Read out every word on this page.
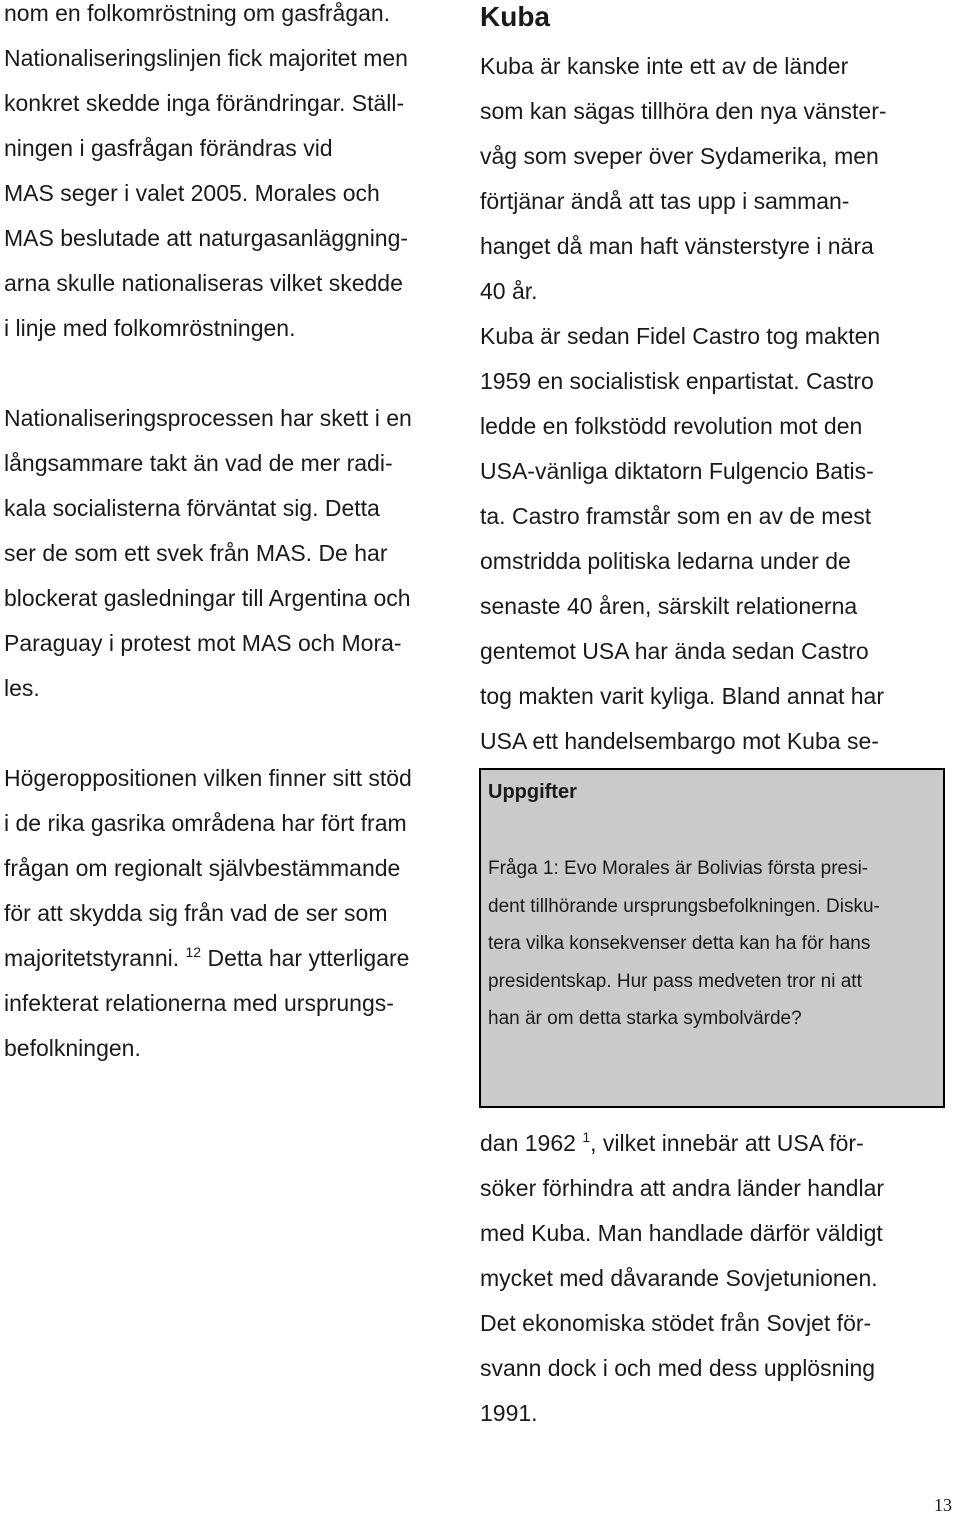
nom en folkomröstning om gasfrågan.
Nationaliseringslinjen fick majoritet men
konkret skedde inga förändringar. Ställ-
ningen i gasfrågan förändras vid
MAS seger i valet 2005. Morales och
MAS beslutade att naturgasanläggning-
arna skulle nationaliseras vilket skedde
i linje med folkomröstningen.
Nationaliseringsprocessen har skett i en
långsammare takt än vad de mer radi-
kala socialisterna förväntat sig. Detta
ser de som ett svek från MAS. De har
blockerat gasledningar till Argentina och
Paraguay i protest mot MAS och Mora-
les.
Högeroppositionen vilken finner sitt stöd
i de rika gasrika områdena har fört fram
frågan om regionalt självbestämmande
för att skydda sig från vad de ser som
majoritetstyranni. $^{12}$ Detta har ytterligare
infekterat relationerna med ursprungs-
befolkningen.
Kuba
Kuba är kanske inte ett av de länder
som kan sägas tillhöra den nya vänster-
våg som sveper över Sydamerika, men
förtjänar ändå att tas upp i samman-
hanget då man haft vänsterstyre i nära
40 år.
Kuba är sedan Fidel Castro tog makten
1959 en socialistisk enpartistat. Castro
ledde en folkstödd revolution mot den
USA-vänliga diktatorn Fulgencio Batis-
ta. Castro framstår som en av de mest
omstridda politiska ledarna under de
senaste 40 åren, särskilt relationerna
gentemot USA har ända sedan Castro
tog makten varit kyliga. Bland annat har
USA ett handelsembargo mot Kuba se-
Uppgifter
Fråga 1: Evo Morales är Bolivias första presi-
dent tillhörande ursprungsbefolkningen. Disku-
tera vilka konsekvenser detta kan ha för hans
presidentskap. Hur pass medveten tror ni att
han är om detta starka symbolvärde?
dan 1962 $^1$, vilket innebär att USA för-
söker förhindra att andra länder handlar
med Kuba. Man handlade därför väldigt
mycket med dåvarande Sovjetunionen.
Det ekonomiska stödet från Sovjet för-
svann dock i och med dess upplösning
1991.
13
